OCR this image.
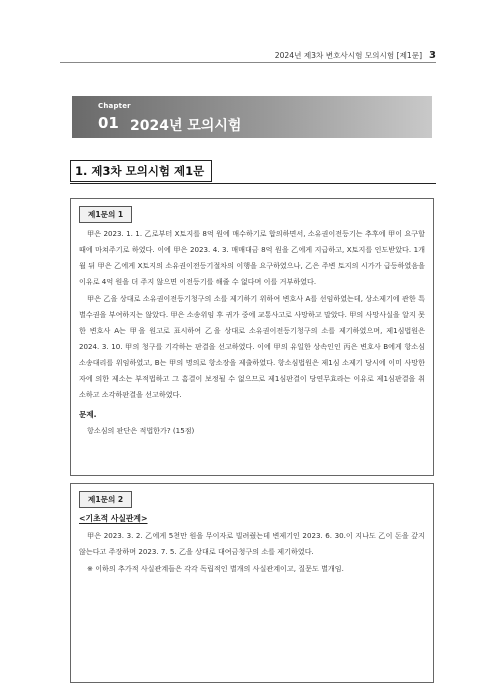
2024년 제3차 변호사시험 모의시험 [제1문] 3
Chapter
01 2024년 모의시험
1. 제3차 모의시험 제1문
제1문의 1

甲은 2023. 1. 1. 乙로부터 X토지를 8억 원에 매수하기로 합의하면서, 소유권이전등기는 추후에 甲이 요구할 때에 마쳐주기로 하였다. 이에 甲은 2023. 4. 3. 매매대금 8억 원을 乙에게 지급하고, X토지를 인도받았다. 1개월 뒤 甲은 乙에게 X토지의 소유권이전등기절차의 이행을 요구하였으나, 乙은 주변 토지의 시가가 급등하였음을 이유로 4억 원을 더 주지 않으면 이전등기를 해줄 수 없다며 이를 거부하였다.

甲은 乙을 상대로 소유권이전등기청구의 소를 제기하기 위하여 변호사 A를 선임하였는데, 상소제기에 관한 특별수권을 부여하지는 않았다. 甲은 소송위임 후 귀가 중에 교통사고로 사망하고 말았다. 甲의 사망사실을 알지 못한 변호사 A는 甲을 원고로 표시하여 乙을 상대로 소유권이전등기청구의 소를 제기하였으며, 제1심법원은 2024. 3. 10. 甲의 청구를 기각하는 판결을 선고하였다. 이에 甲의 유일한 상속인인 丙은 변호사 B에게 항소심 소송대리를 위임하였고, B는 甲의 명의로 항소장을 제출하였다. 항소심법원은 제1심 소제기 당시에 이미 사망한 자에 의한 제소는 부적법하고 그 흠결이 보정될 수 없으므로 제1심판결이 당연무효라는 이유로 제1심판결을 취소하고 소각하판결을 선고하였다.

문제.
항소심의 판단은 적법한가? (15점)
제1문의 2
<기초적 사실관계>

甲은 2023. 3. 2. 乙에게 5천만 원을 무이자로 빌려줬는데 변제기인 2023. 6. 30.이 지나도 乙이 돈을 갚지 않는다고 주장하며 2023. 7. 5. 乙을 상대로 대여금청구의 소를 제기하였다.

※ 이하의 추가적 사실관계들은 각각 독립적인 별개의 사실관계이고, 질문도 별개임.
